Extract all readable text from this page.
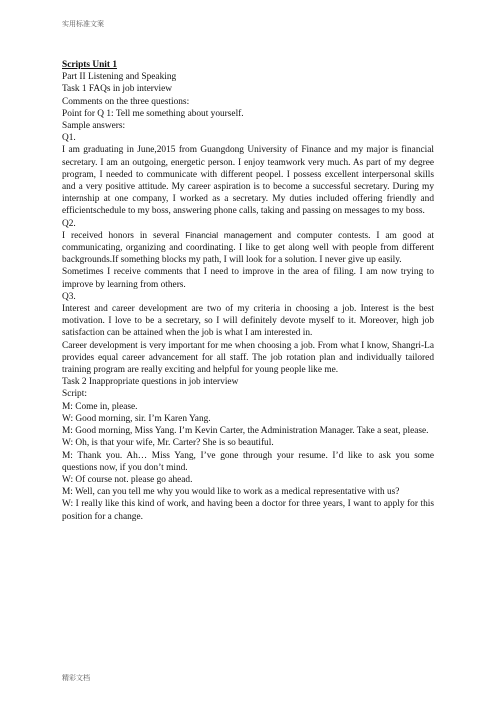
实用标准文案
Scripts Unit 1
Part II Listening and Speaking
Task 1 FAQs in job interview
Comments on the three questions:
Point for Q 1: Tell me something about yourself.
Sample answers:
Q1.
I am graduating in June,2015 from Guangdong University of Finance and my major is financial secretary. I am an outgoing, energetic person. I enjoy teamwork very much. As part of my degree program, I needed to communicate with different peopel. I possess excellent interpersonal skills and a very positive attitude. My career aspiration is to become a successful secretary. During my internship at one company, I worked as a secretary. My duties included offering friendly and efficientschedule to my boss, answering phone calls, taking and passing on messages to my boss.
Q2.
I received honors in several Financial management and computer contests. I am good at communicating, organizing and coordinating. I like to get along well with people from different backgrounds.If something blocks my path, I will look for a solution. I never give up easily.
Sometimes I receive comments that I need to improve in the area of filing. I am now trying to improve by learning from others.
Q3.
Interest and career development are two of my criteria in choosing a job. Interest is the best motivation. I love to be a secretary, so I will definitely devote myself to it. Moreover, high job satisfaction can be attained when the job is what I am interested in.
Career development is very important for me when choosing a job. From what I know, Shangri-La provides equal career advancement for all staff. The job rotation plan and individually tailored training program are really exciting and helpful for young people like me.
Task 2 Inappropriate questions in job interview
Script:
M: Come in, please.
W: Good morning, sir. I’m Karen Yang.
M: Good morning, Miss Yang. I’m Kevin Carter, the Administration Manager. Take a seat, please.
W: Oh, is that your wife, Mr. Carter? She is so beautiful.
M: Thank you. Ah… Miss Yang, I’ve gone through your resume. I’d like to ask you some questions now, if you don’t mind.
W: Of course not. please go ahead.
M: Well, can you tell me why you would like to work as a medical representative with us?
W: I really like this kind of work, and having been a doctor for three years, I want to apply for this position for a change.
精彩文档
